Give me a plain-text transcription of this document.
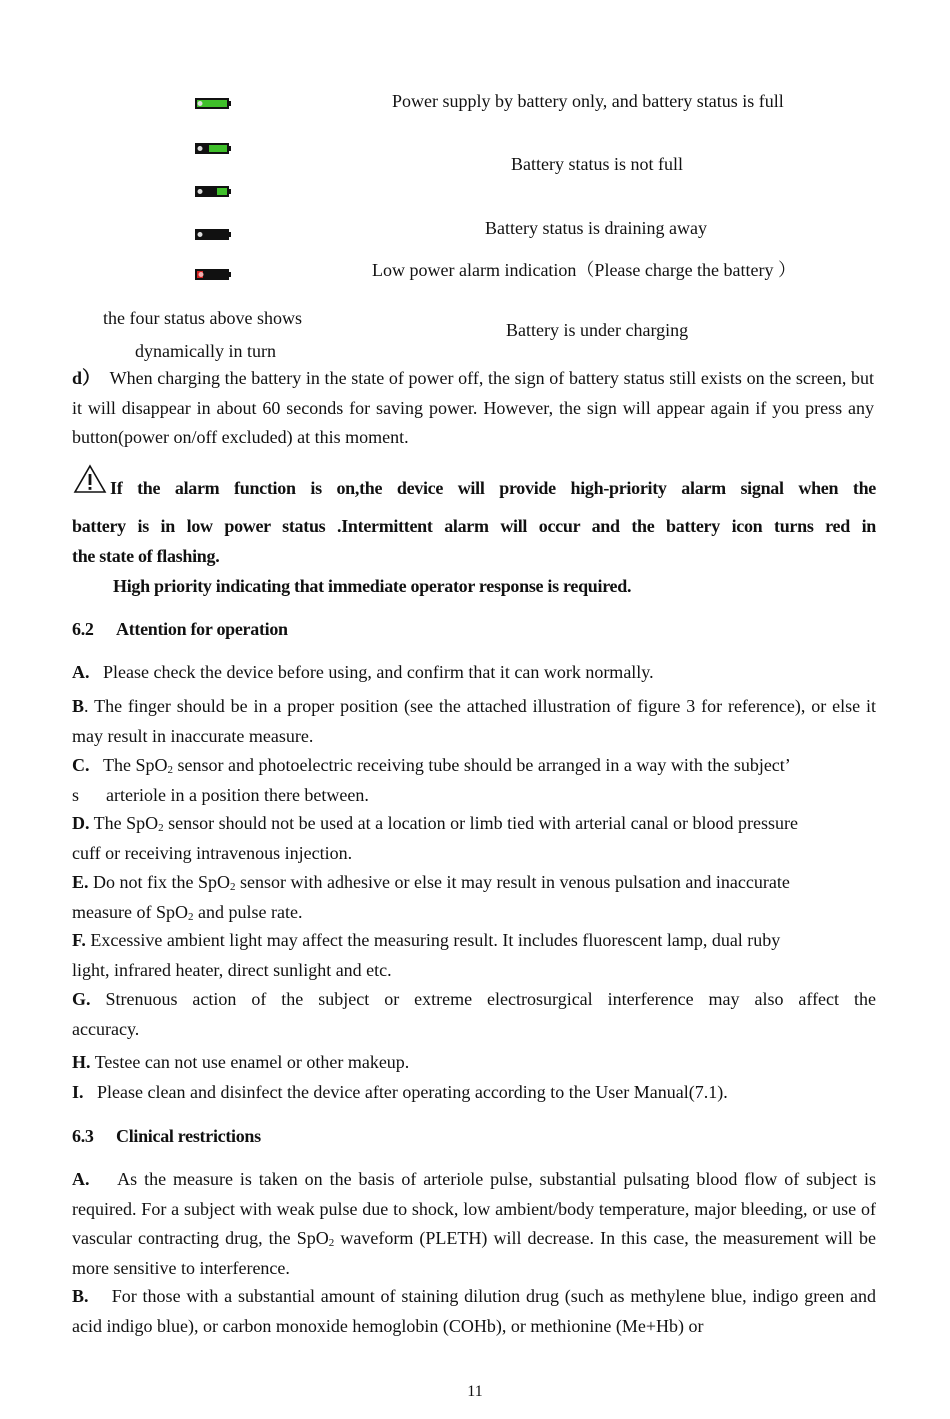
Power supply by battery only, and battery status is full
Battery status is not full
Battery status is draining away
Low power alarm indication（Please charge the battery ）
the four status above shows
Battery is under charging
dynamically in turn
d） When charging the battery in the state of power off, the sign of battery status still exists on the screen, but it will disappear in about 60 seconds for saving power. However, the sign will appear again if you press any button(power on/off excluded) at this moment.
If the alarm function is on,the device will provide high-priority alarm signal when the
battery is in low power status .Intermittent alarm will occur and the battery icon turns red in
the state of flashing.
High priority indicating that immediate operator response is required.
6.2 Attention for operation
A. Please check the device before using, and confirm that it can work normally.
B. The finger should be in a proper position (see the attached illustration of figure 3 for reference), or else it may result in inaccurate measure.
C. The SpO$_2$ sensor and photoelectric receiving tube should be arranged in a way with the subject’
s      arteriole in a position there between.
D. The SpO$_2$ sensor should not be used at a location or limb tied with arterial canal or blood pressure
cuff or receiving intravenous injection.
E. Do not fix the SpO$_2$ sensor with adhesive or else it may result in venous pulsation and inaccurate
measure of SpO$_2$ and pulse rate.
F. Excessive ambient light may affect the measuring result. It includes fluorescent lamp, dual ruby
light, infrared heater, direct sunlight and etc.
G. Strenuous action of the subject or extreme electrosurgical interference may also affect the
accuracy.
H. Testee can not use enamel or other makeup.
I. Please clean and disinfect the device after operating according to the User Manual(7.1).
6.3 Clinical restrictions
A. As the measure is taken on the basis of arteriole pulse, substantial pulsating blood flow of subject is required. For a subject with weak pulse due to shock, low ambient/body temperature, major bleeding, or use of vascular contracting drug, the SpO$_2$ waveform (PLETH) will decrease. In this case, the measurement will be more sensitive to interference.
B. For those with a substantial amount of staining dilution drug (such as methylene blue, indigo green and acid indigo blue), or carbon monoxide hemoglobin (COHb), or methionine (Me+Hb) or
11
